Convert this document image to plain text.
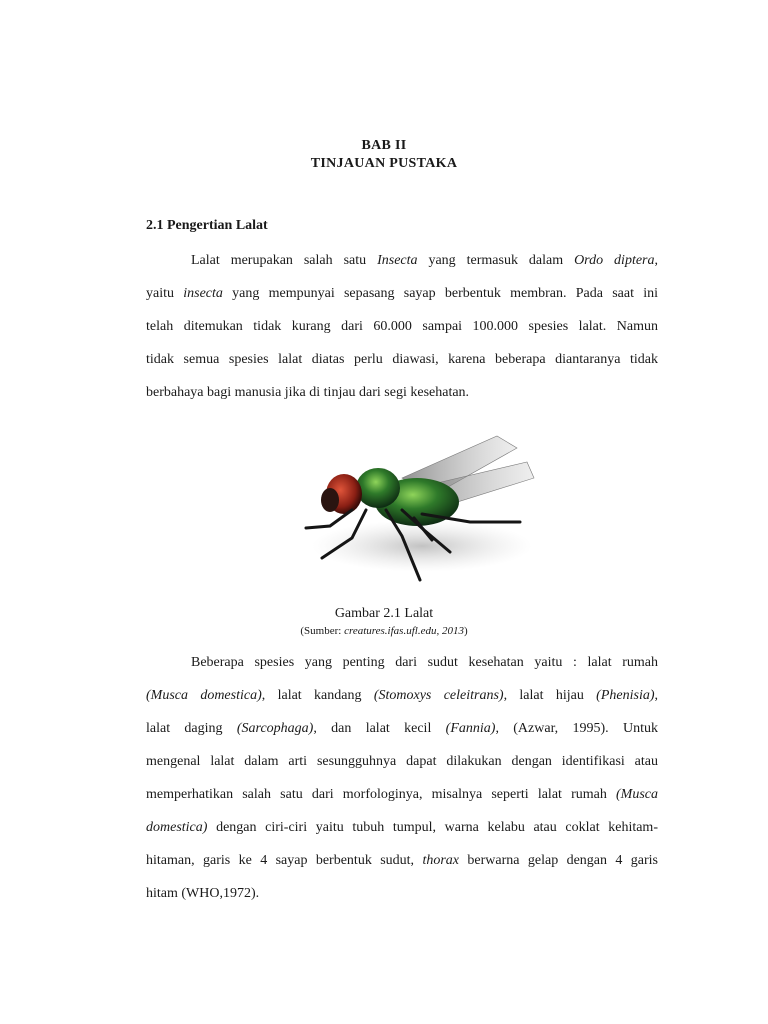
BAB II
TINJAUAN PUSTAKA
2.1 Pengertian Lalat
Lalat merupakan salah satu Insecta yang termasuk dalam Ordo diptera,
yaitu insecta yang mempunyai sepasang sayap berbentuk membran. Pada saat ini
telah ditemukan tidak kurang dari 60.000 sampai 100.000 spesies lalat. Namun
tidak semua spesies lalat diatas perlu diawasi, karena beberapa diantaranya tidak
berbahaya bagi manusia jika di tinjau dari segi kesehatan.
Gambar 2.1 Lalat
(Sumber: creatures.ifas.ufl.edu, 2013)
Beberapa spesies yang penting dari sudut kesehatan yaitu : lalat rumah
(Musca domestica), lalat kandang (Stomoxys celeitrans), lalat hijau (Phenisia),
lalat daging (Sarcophaga), dan lalat kecil (Fannia), (Azwar, 1995). Untuk
mengenal lalat dalam arti sesungguhnya dapat dilakukan dengan identifikasi atau
memperhatikan salah satu dari morfologinya, misalnya seperti lalat rumah (Musca
domestica) dengan ciri-ciri yaitu tubuh tumpul, warna kelabu atau coklat kehitam-
hitaman, garis ke 4 sayap berbentuk sudut, thorax berwarna gelap dengan 4 garis
hitam (WHO,1972).
